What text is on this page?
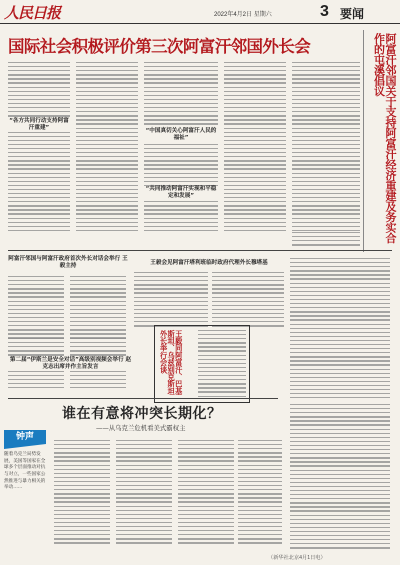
人民日报	2022年4月2日 星期六	3 要闻
国际社会积极评价第三次阿富汗邻国外长会
“各方共同行动支持阿富汗重建”
“中国真切关心阿富汗人民的福祉”
“共同推动阿富汗实现和平稳定和发展”	阿富汗邻国关于支持阿富汗经济重建及务实合作的屯溪倡议
阿富汗邻国与阿富汗政府首次外长对话会举行 王毅主持	王毅会见阿富汗塔利班临时政府代理外长穆塔基
王毅同阿富汗、巴基斯坦、乌兹别克斯坦外长举行会谈
第二届“伊斯兰是安全对话”高级别视频会举行 赵克志出席并作主旨发言
谁在有意将冲突长期化？
——从乌克兰危机看美式霸权主
钟声
随着乌克兰局势发展，美国等国家在全球多个层面推动对抗与对立，一些国家公然推进与暴力相关的举动……
（新华社北京4月1日电）
